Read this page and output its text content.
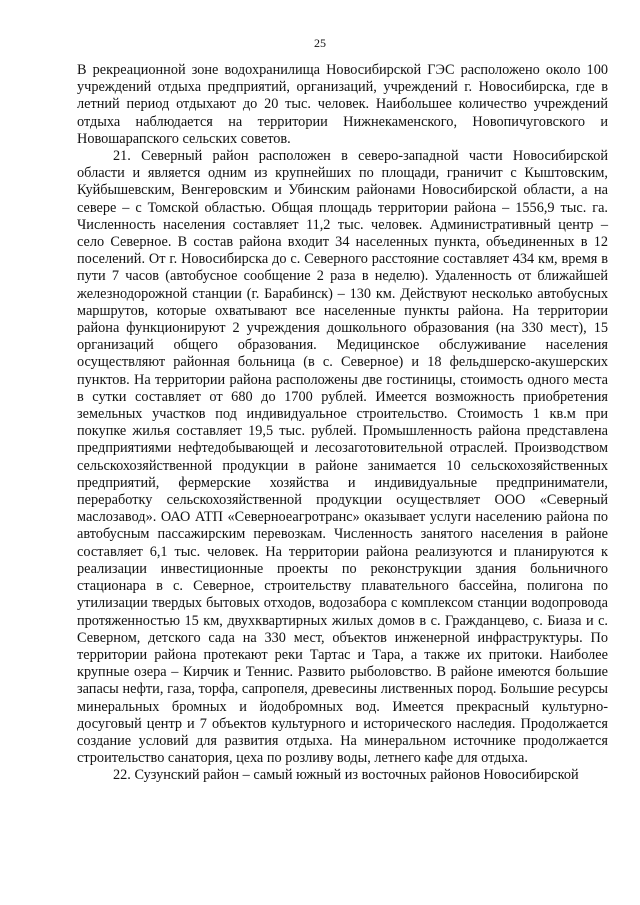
25

В рекреационной зоне водохранилища Новосибирской ГЭС расположено около 100 учреждений отдыха предприятий, организаций, учреждений г. Новосибирска, где в летний период отдыхают до 20 тыс. человек. Наибольшее количество учреждений отдыха наблюдается на территории Нижнекаменского, Новопичуговского и Новошарапского сельских советов.

21. Северный район расположен в северо-западной части Новосибирской области и является одним из крупнейших по площади, граничит с Кыштовским, Куйбышевским, Венгеровским и Убинским районами Новосибирской области, а на севере – с Томской областью. Общая площадь территории района – 1556,9 тыс. га. Численность населения составляет 11,2 тыс. человек. Административный центр – село Северное. В состав района входит 34 населенных пункта, объединенных в 12 поселений. От г. Новосибирска до с. Северного расстояние составляет 434 км, время в пути 7 часов (автобусное сообщение 2 раза в неделю). Удаленность от ближайшей железнодорожной станции (г. Барабинск) – 130 км. Действуют несколько автобусных маршрутов, которые охватывают все населенные пункты района. На территории района функционируют 2 учреждения дошкольного образования (на 330 мест), 15 организаций общего образования. Медицинское обслуживание населения осуществляют районная больница (в с. Северное) и 18 фельдшерско-акушерских пунктов. На территории района расположены две гостиницы, стоимость одного места в сутки составляет от 680 до 1700 рублей. Имеется возможность приобретения земельных участков под индивидуальное строительство. Стоимость 1 кв.м при покупке жилья составляет 19,5 тыс. рублей. Промышленность района представлена предприятиями нефтедобывающей и лесозаготовительной отраслей. Производством сельскохозяйственной продукции в районе занимается 10 сельскохозяйственных предприятий, фермерские хозяйства и индивидуальные предприниматели, переработку сельскохозяйственной продукции осуществляет ООО «Северный маслозавод». ОАО АТП «Северноеагротранс» оказывает услуги населению района по автобусным пассажирским перевозкам. Численность занятого населения в районе составляет 6,1 тыс. человек. На территории района реализуются и планируются к реализации инвестиционные проекты по реконструкции здания больничного стационара в с. Северное, строительству плавательного бассейна, полигона по утилизации твердых бытовых отходов, водозабора с комплексом станции водопровода протяженностью 15 км, двухквартирных жилых домов в с. Гражданцево, с. Биаза и с. Северном, детского сада на 330 мест, объектов инженерной инфраструктуры. По территории района протекают реки Тартас и Тара, а также их притоки. Наиболее крупные озера – Кирчик и Теннис. Развито рыболовство. В районе имеются большие запасы нефти, газа, торфа, сапропеля, древесины лиственных пород. Большие ресурсы минеральных бромных и йодобромных вод. Имеется прекрасный культурно-досуговый центр и 7 объектов культурного и исторического наследия. Продолжается создание условий для развития отдыха. На минеральном источнике продолжается строительство санатория, цеха по розливу воды, летнего кафе для отдыха.

22. Сузунский район – самый южный из восточных районов Новосибирской
